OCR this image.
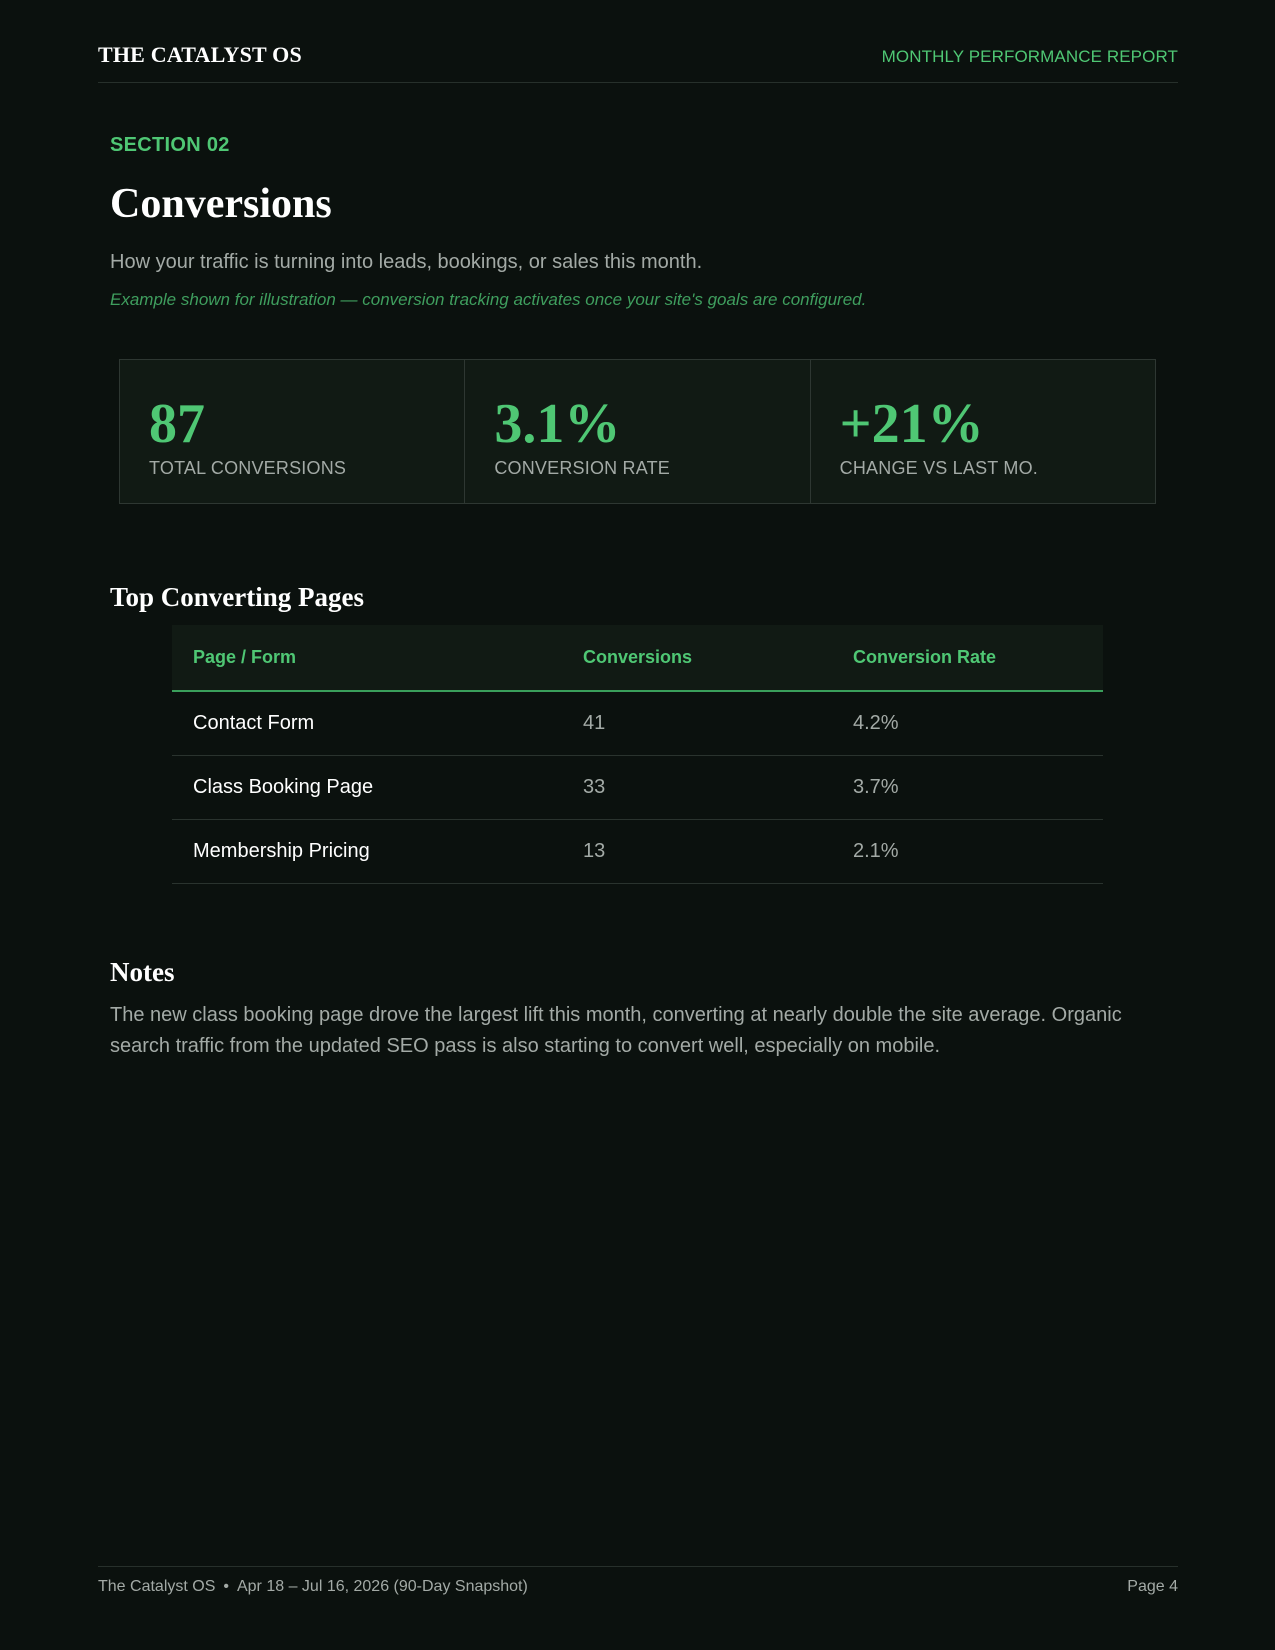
THE CATALYST OS	MONTHLY PERFORMANCE REPORT
SECTION 02
Conversions

How your traffic is turning into leads, bookings, or sales this month.

Example shown for illustration — conversion tracking activates once your site's goals are configured.

87
TOTAL CONVERSIONS
3.1%
CONVERSION RATE
+21%
CHANGE VS LAST MO.
Top Converting Pages
Page / Form	Conversions	Conversion Rate
Contact Form	41	4.2%
Class Booking Page	33	3.7%
Membership Pricing	13	2.1%
Notes

The new class booking page drove the largest lift this month, converting at nearly double the site average. Organic search traffic from the updated SEO pass is also starting to convert well, especially on mobile.

The Catalyst OS • Apr 18 – Jul 16, 2026 (90-Day Snapshot)	Page 4
